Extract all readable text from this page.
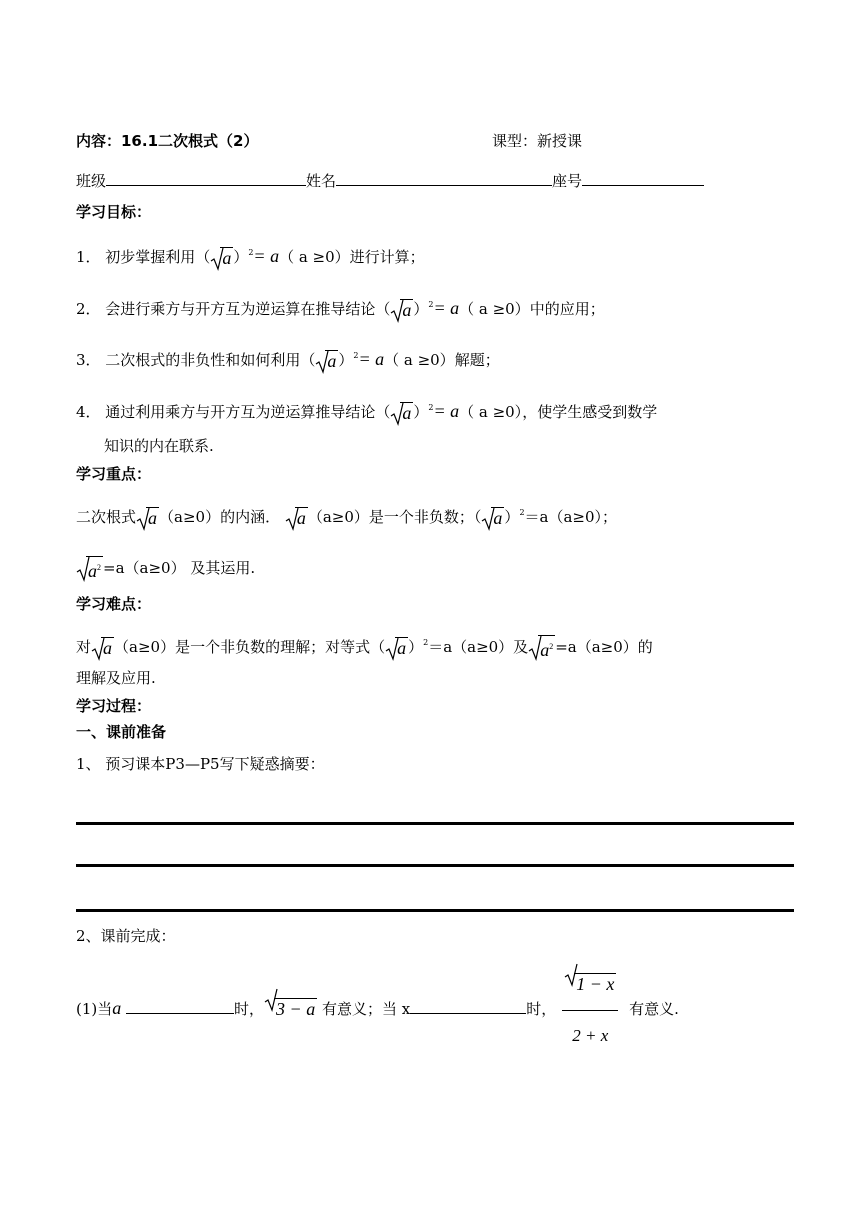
内容：16.1二次根式（2）	课型：新授课
班级	姓名	座号
学习目标：
1． 初步掌握利用（ a ）$^2$= a（ a ≥0）进行计算；
2． 会进行乘方与开方互为逆运算在推导结论（ a ）$^2$= a（ a ≥0）中的应用；
3． 二次根式的非负性和如何利用（ a ）$^2$= a（ a ≥0）解题；
4． 通过利用乘方与开方互为逆运算推导结论（ a ）$^2$= a（ a ≥0），使学生感受到数学
知识的内在联系.
学习重点：
二次根式 a （a≥0）的内涵． a （a≥0）是一个非负数；（ a ）$^2$＝a（a≥0）；
$a^2 =a(a\ge 0)$ 及其运用.
学习难点：
对 a （a≥0）是一个非负数的理解；对等式（ a ）$^2$＝a（a≥0）及 $a^2 =a(a\ge 0)$的
理解及应用.
学习过程：
一、课前准备
1、 预习课本P3—P5写下疑惑摘要：
2、课前完成：
(1)当a	时， 3 − a 有意义；当 x	时， $\frac{1 - x}{2 + x}$ 有意义.
